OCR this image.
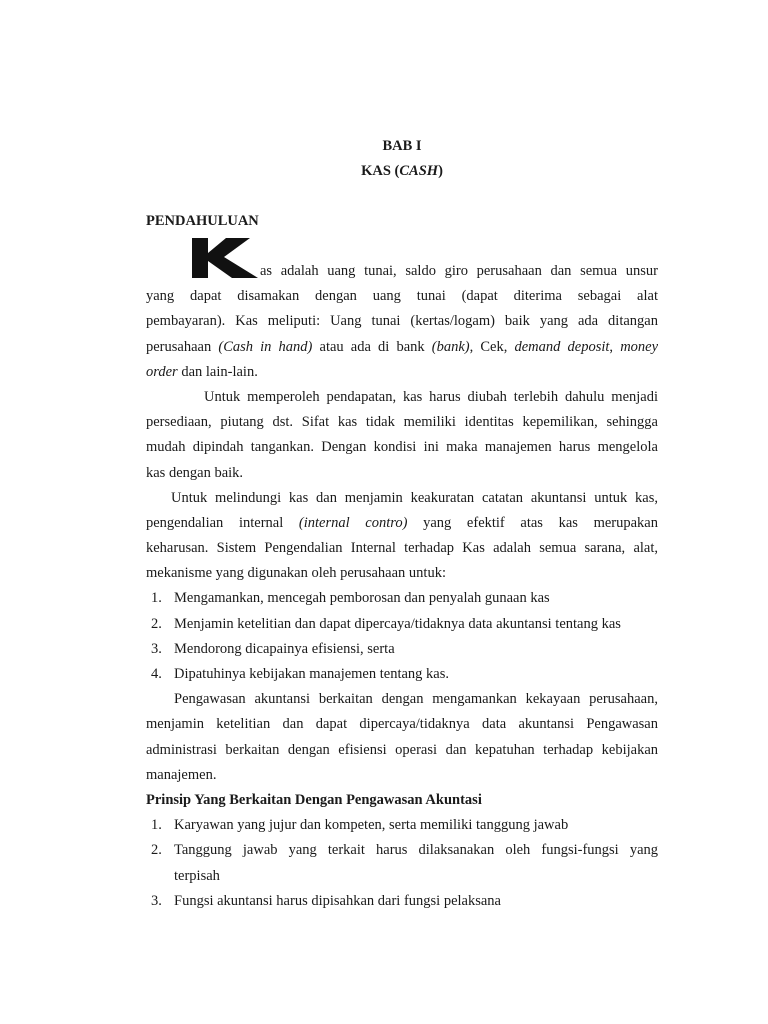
BAB I

KAS (CASH)

PENDAHULUAN

as adalah uang tunai, saldo giro perusahaan dan semua unsur
yang dapat disamakan dengan uang tunai (dapat diterima sebagai alat
pembayaran). Kas meliputi: Uang tunai (kertas/logam) baik yang ada ditangan
perusahaan (Cash in hand) atau ada di bank (bank), Cek, demand deposit, money
order dan lain-lain.
Untuk memperoleh pendapatan, kas harus diubah terlebih dahulu menjadi
persediaan, piutang dst. Sifat kas tidak memiliki identitas kepemilikan, sehingga
mudah dipindah tangankan. Dengan kondisi ini maka manajemen harus mengelola
kas dengan baik.
Untuk melindungi kas dan menjamin keakuratan catatan akuntansi untuk kas,
pengendalian internal (internal contro) yang efektif atas kas merupakan
keharusan. Sistem Pengendalian Internal terhadap Kas adalah semua sarana, alat,
mekanisme yang digunakan oleh perusahaan untuk:
1. Mengamankan, mencegah pemborosan dan penyalah gunaan kas
2. Menjamin ketelitian dan dapat dipercaya/tidaknya data akuntansi tentang kas
3. Mendorong dicapainya efisiensi, serta
4. Dipatuhinya kebijakan manajemen tentang kas.
Pengawasan akuntansi berkaitan dengan mengamankan kekayaan perusahaan,
menjamin ketelitian dan dapat dipercaya/tidaknya data akuntansi Pengawasan
administrasi berkaitan dengan efisiensi operasi dan kepatuhan terhadap kebijakan
manajemen.
Prinsip Yang Berkaitan Dengan Pengawasan Akuntasi
1. Karyawan yang jujur dan kompeten, serta memiliki tanggung jawab
2. Tanggung jawab yang terkait harus dilaksanakan oleh fungsi-fungsi yang
terpisah
3. Fungsi akuntansi harus dipisahkan dari fungsi pelaksana
